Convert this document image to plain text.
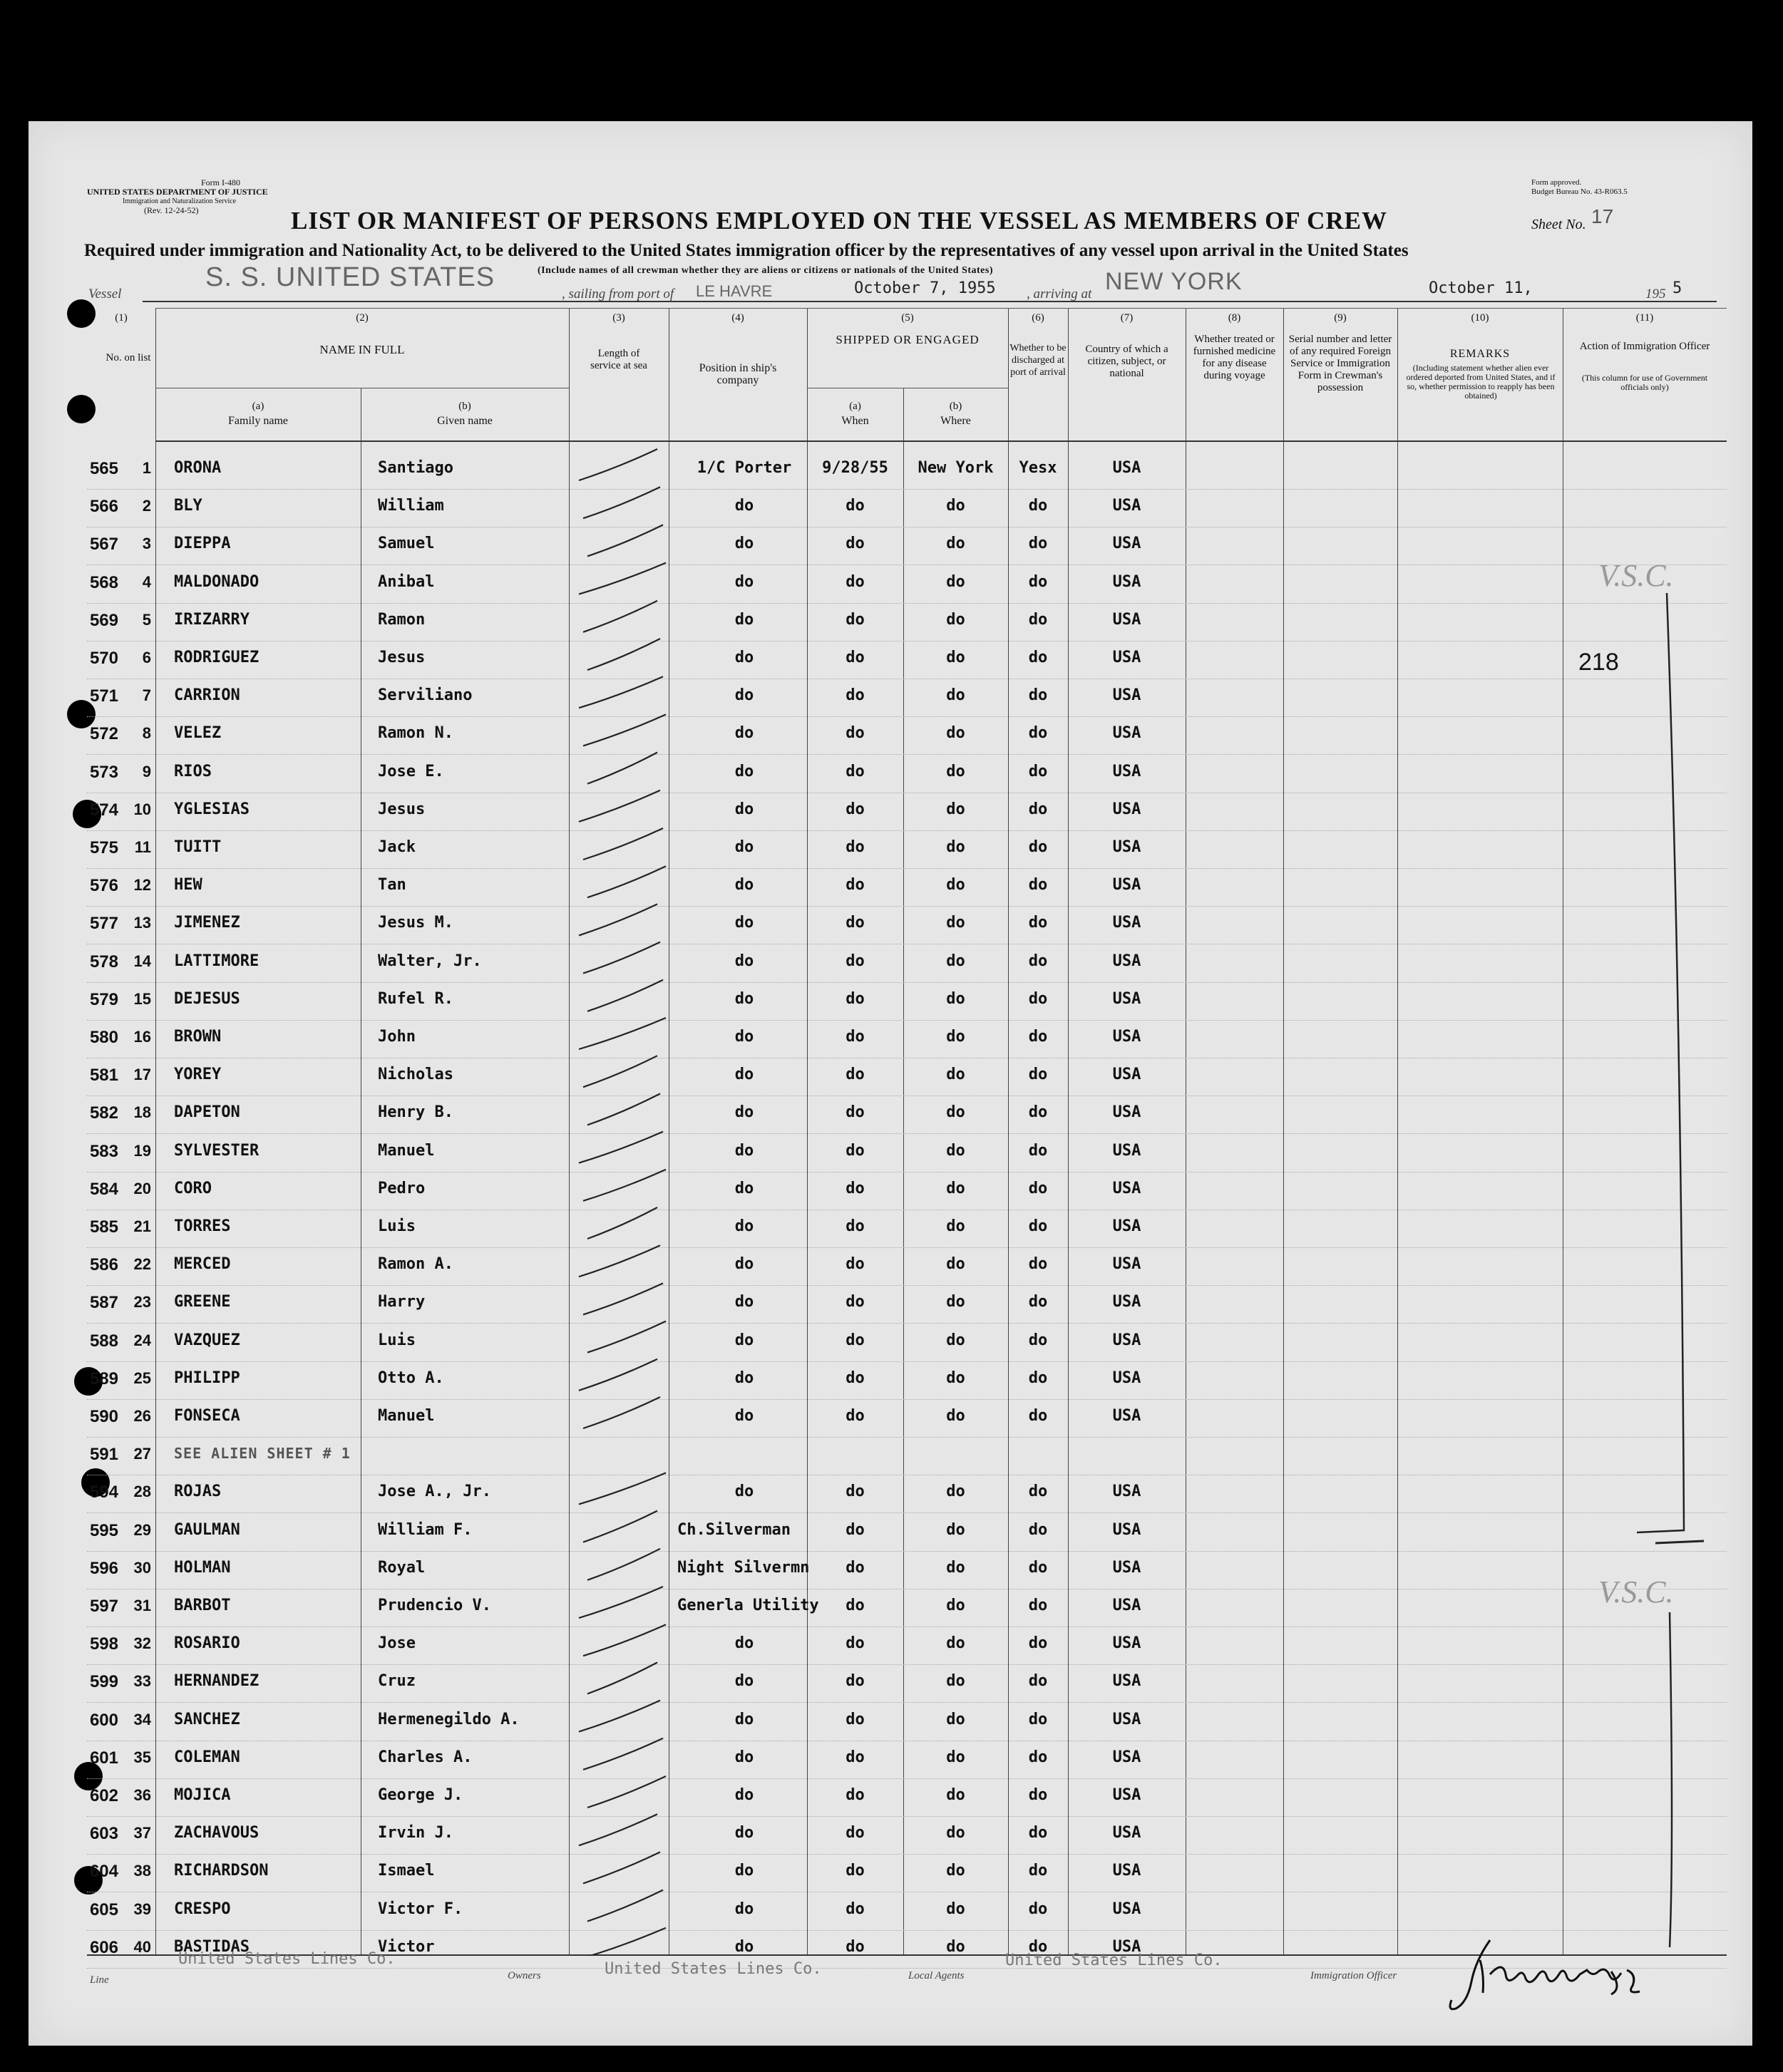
Form I-480
UNITED STATES DEPARTMENT OF JUSTICE
Immigration and Naturalization Service
(Rev. 12-24-52)
Form approved.
Budget Bureau No. 43-R063.5
LIST OR MANIFEST OF PERSONS EMPLOYED ON THE VESSEL AS MEMBERS OF CREW	Sheet No. 17
Required under immigration and Nationality Act, to be delivered to the United States immigration officer by the representatives of any vessel upon arrival in the United States
(Include names of all crewman whether they are aliens or citizens or nationals of the United States)
Vessel
S. S. UNITED STATES
, sailing from port of LE HAVRE	October 7, 1955 , arriving at NEW YORK	October 11,	195 5
(1)	(2)	(3)	(4)	(5)	(6)	(7)	(8)	(9)	(10)	(11)
No. on list
NAME IN FULL
(a)
Family name
(b)
Given name
Length of service at sea	Position in ship's company
SHIPPED OR ENGAGED
(a)
When
(b)
Where
Whether to be discharged at port of arrival
Country of which a citizen, subject, or national
Whether treated or furnished medicine for any disease during voyage
Serial number and letter of any required Foreign Service or Immigration Form in Crewman's possession
REMARKS
(Including statement whether alien ever ordered deported from United States, and if so, whether permission to reapply has been obtained)
Action of Immigration Officer
(This column for use of Government officials only)
565	1 ORONA	Santiago	1/C Porter	9/28/55	New York	Yesx	USA
566	2 BLY	William	do	do	do	do	USA
567	3 DIEPPA	Samuel	do	do	do	do	USA
568	4 MALDONADO	Anibal	do	do	do	do	USA
569	5 IRIZARRY	Ramon	do	do	do	do	USA
570	6 RODRIGUEZ	Jesus	do	do	do	do	USA
571	7 CARRION	Serviliano	do	do	do	do	USA
572	8 VELEZ	Ramon N.	do	do	do	do	USA
573	9 RIOS	Jose E.	do	do	do	do	USA
574 10 YGLESIAS	Jesus	do	do	do	do	USA
575	11 TUITT	Jack	do	do	do	do	USA
576 12 HEW	Tan	do	do	do	do	USA
577 13 JIMENEZ	Jesus M.	do	do	do	do	USA
578 14 LATTIMORE	Walter, Jr.	do	do	do	do	USA
579 15 DEJESUS	Rufel R.	do	do	do	do	USA
580 16 BROWN	John	do	do	do	do	USA
581 17 YOREY	Nicholas	do	do	do	do	USA
582 18 DAPETON	Henry B.	do	do	do	do	USA
583 19 SYLVESTER	Manuel	do	do	do	do	USA
584 20 CORO	Pedro	do	do	do	do	USA
585 21 TORRES	Luis	do	do	do	do	USA
586 22 MERCED	Ramon A.	do	do	do	do	USA
587 23 GREENE	Harry	do	do	do	do	USA
588 24 VAZQUEZ	Luis	do	do	do	do	USA
589 25 PHILIPP	Otto A.	do	do	do	do	USA
590 26 FONSECA	Manuel	do	do	do	do	USA
591 27 SEE ALIEN SHEET # 1
594 28 ROJAS	Jose A., Jr.	do	do	do	do	USA
595 29 GAULMAN	William F.	Ch.Silverman	do	do	do	USA
596 30 HOLMAN	Royal	Night Silvermn	do	do	do	USA
597 31 BARBOT	Prudencio V.	Generla Utility	do	do	do	USA
598 32 ROSARIO	Jose	do	do	do	do	USA
599 33 HERNANDEZ	Cruz	do	do	do	do	USA
600 34 SANCHEZ	Hermenegildo A.	do	do	do	do	USA
601 35 COLEMAN	Charles A.	do	do	do	do	USA
602 36 MOJICA	George J.	do	do	do	do	USA
603 37 ZACHAVOUS	Irvin J.	do	do	do	do	USA
604 38 RICHARDSON	Ismael	do	do	do	do	USA
605 39 CRESPO	Victor F.	do	do	do	do	USA
606 40 BASTIDAS	Victor	do	do	do	do	USA
V.S.C.
218
V.S.C.
Line
United States Lines Co.
Owners	United States Lines Co.	Local Agents
United States Lines Co.
Immigration Officer
